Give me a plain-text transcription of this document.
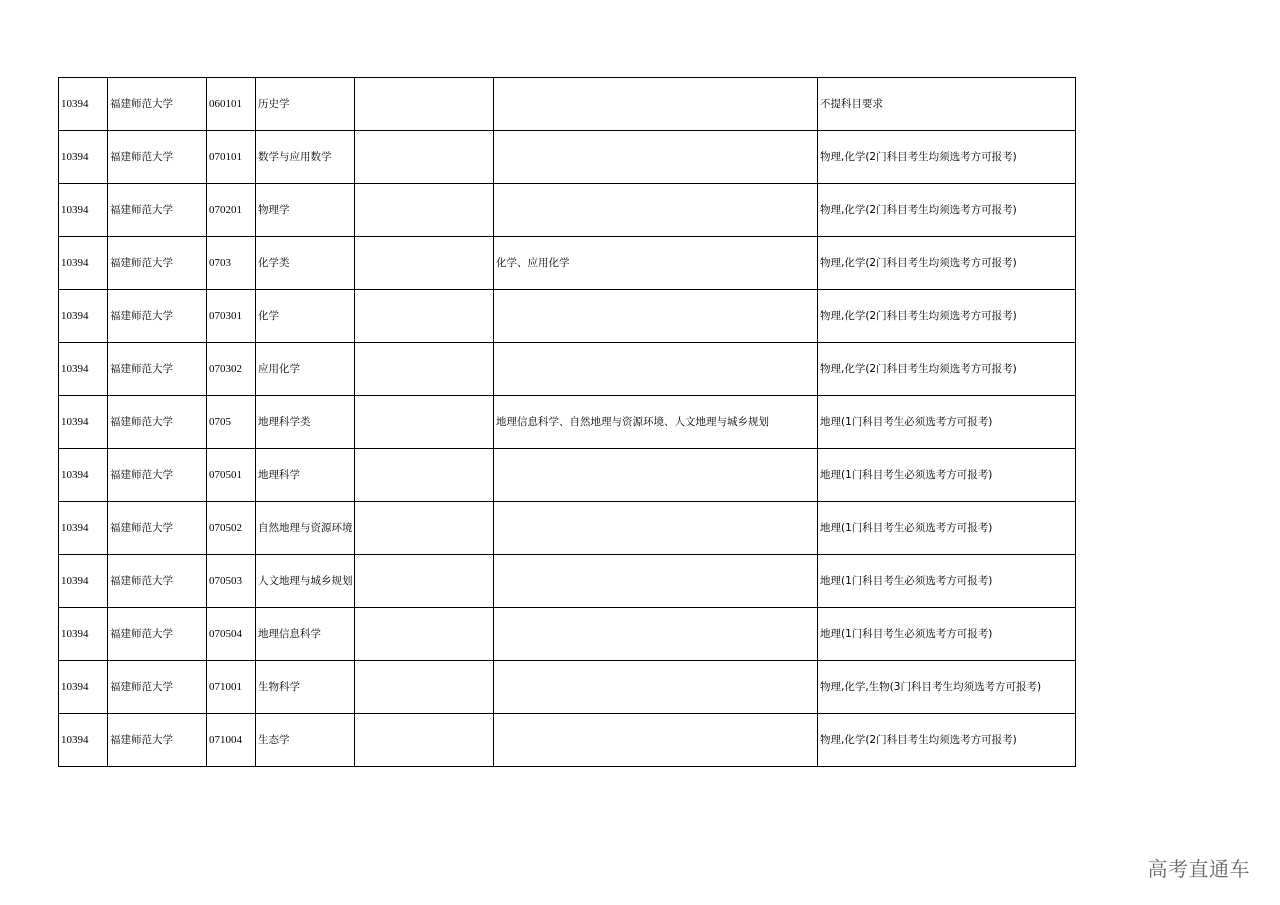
10394	福建师范大学	060101	历史学			不提科目要求
10394	福建师范大学	070101	数学与应用数学			物理,化学(2门科目考生均须选考方可报考)
10394	福建师范大学	070201	物理学			物理,化学(2门科目考生均须选考方可报考)
10394	福建师范大学	0703	化学类		化学、应用化学	物理,化学(2门科目考生均须选考方可报考)
10394	福建师范大学	070301	化学			物理,化学(2门科目考生均须选考方可报考)
10394	福建师范大学	070302	应用化学			物理,化学(2门科目考生均须选考方可报考)
10394	福建师范大学	0705	地理科学类		地理信息科学、自然地理与资源环境、人文地理与城乡规划	地理(1门科目考生必须选考方可报考)
10394	福建师范大学	070501	地理科学			地理(1门科目考生必须选考方可报考)
10394	福建师范大学	070502	自然地理与资源环境			地理(1门科目考生必须选考方可报考)
10394	福建师范大学	070503	人文地理与城乡规划			地理(1门科目考生必须选考方可报考)
10394	福建师范大学	070504	地理信息科学			地理(1门科目考生必须选考方可报考)
10394	福建师范大学	071001	生物科学			物理,化学,生物(3门科目考生均须选考方可报考)
10394	福建师范大学	071004	生态学			物理,化学(2门科目考生均须选考方可报考)
高考直通车
